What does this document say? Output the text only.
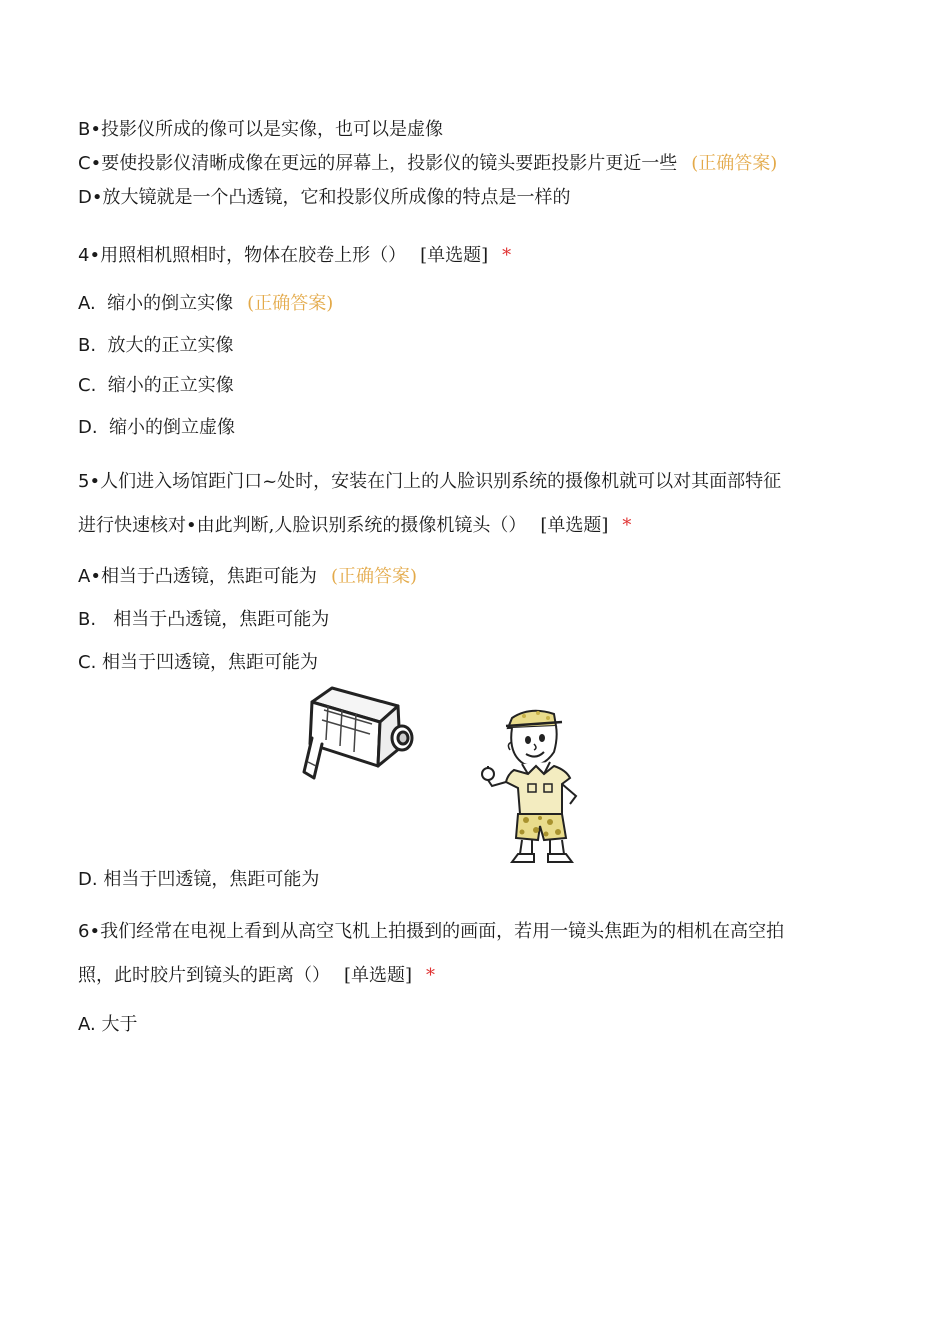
B•投影仪所成的像可以是实像，也可以是虚像
C•要使投影仪清晰成像在更远的屏幕上，投影仪的镜头要距投影片更近一些 (正确答案)
D•放大镜就是一个凸透镜，它和投影仪所成像的特点是一样的
4•用照相机照相时，物体在胶卷上形（） [单选题] *
A. 缩小的倒立实像 (正确答案)
B. 放大的正立实像
C. 缩小的正立实像
D. 缩小的倒立虚像
5•人们进入场馆距门口~处时，安装在门上的人脸识别系统的摄像机就可以对其面部特征
进行快速核对•由此判断,人脸识别系统的摄像机镜头（） [单选题] *
A•相当于凸透镜，焦距可能为 (正确答案)
B. 相当于凸透镜，焦距可能为
C. 相当于凹透镜，焦距可能为
D. 相当于凹透镜，焦距可能为
6•我们经常在电视上看到从高空飞机上拍摄到的画面，若用一镜头焦距为的相机在高空拍
照，此时胶片到镜头的距离（） [单选题] *
A. 大于
